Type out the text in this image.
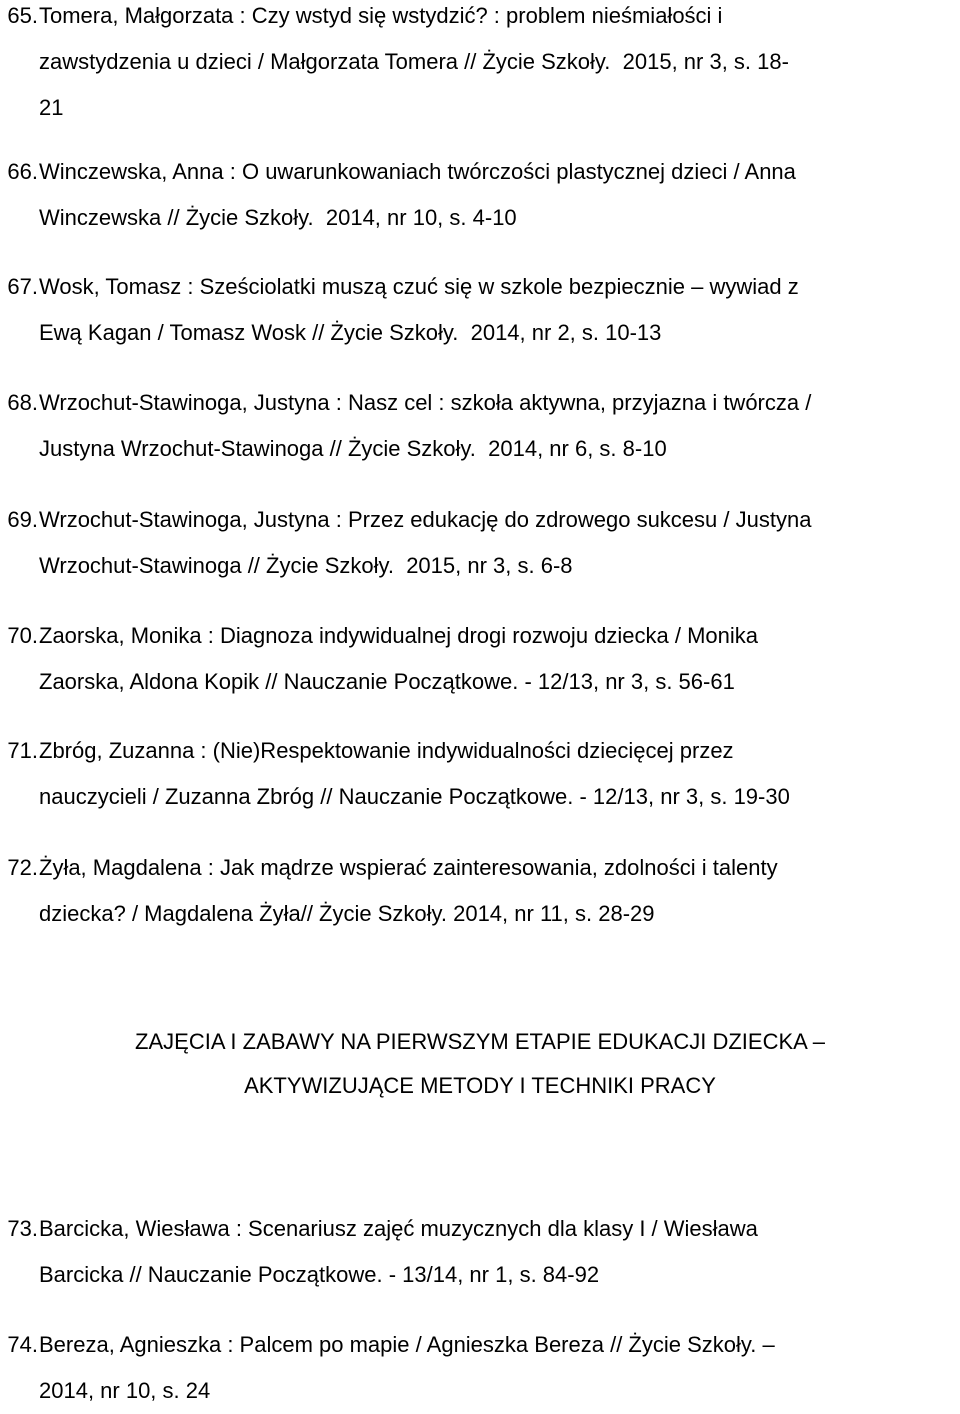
65. Tomera, Małgorzata : Czy wstyd się wstydzić? : problem nieśmiałości i
zawstydzenia u dzieci / Małgorzata Tomera // Życie Szkoły.  2015, nr 3, s. 18-
21
66. Winczewska, Anna : O uwarunkowaniach twórczości plastycznej dzieci / Anna
Winczewska // Życie Szkoły.  2014, nr 10, s. 4-10
67. Wosk, Tomasz : Sześciolatki muszą czuć się w szkole bezpiecznie – wywiad z
Ewą Kagan / Tomasz Wosk // Życie Szkoły.  2014, nr 2, s. 10-13
68. Wrzochut-Stawinoga, Justyna : Nasz cel : szkoła aktywna, przyjazna i twórcza /
Justyna Wrzochut-Stawinoga // Życie Szkoły.  2014, nr 6, s. 8-10
69. Wrzochut-Stawinoga, Justyna : Przez edukację do zdrowego sukcesu / Justyna
Wrzochut-Stawinoga // Życie Szkoły.  2015, nr 3, s. 6-8
70. Zaorska, Monika : Diagnoza indywidualnej drogi rozwoju dziecka / Monika
Zaorska, Aldona Kopik // Nauczanie Początkowe. - 12/13, nr 3, s. 56-61
71. Zbróg, Zuzanna : (Nie)Respektowanie indywidualności dziecięcej przez
nauczycieli / Zuzanna Zbróg // Nauczanie Początkowe. - 12/13, nr 3, s. 19-30
72. Żyła, Magdalena : Jak mądrze wspierać zainteresowania, zdolności i talenty
dziecka? / Magdalena Żyła// Życie Szkoły. 2014, nr 11, s. 28-29
ZAJĘCIA I ZABAWY NA PIERWSZYM ETAPIE EDUKACJI DZIECKA –
AKTYWIZUJĄCE METODY I TECHNIKI PRACY
73. Barcicka, Wiesława : Scenariusz zajęć muzycznych dla klasy I / Wiesława
Barcicka // Nauczanie Początkowe. - 13/14, nr 1, s. 84-92
74. Bereza, Agnieszka : Palcem po mapie / Agnieszka Bereza // Życie Szkoły. –
2014, nr 10, s. 24
